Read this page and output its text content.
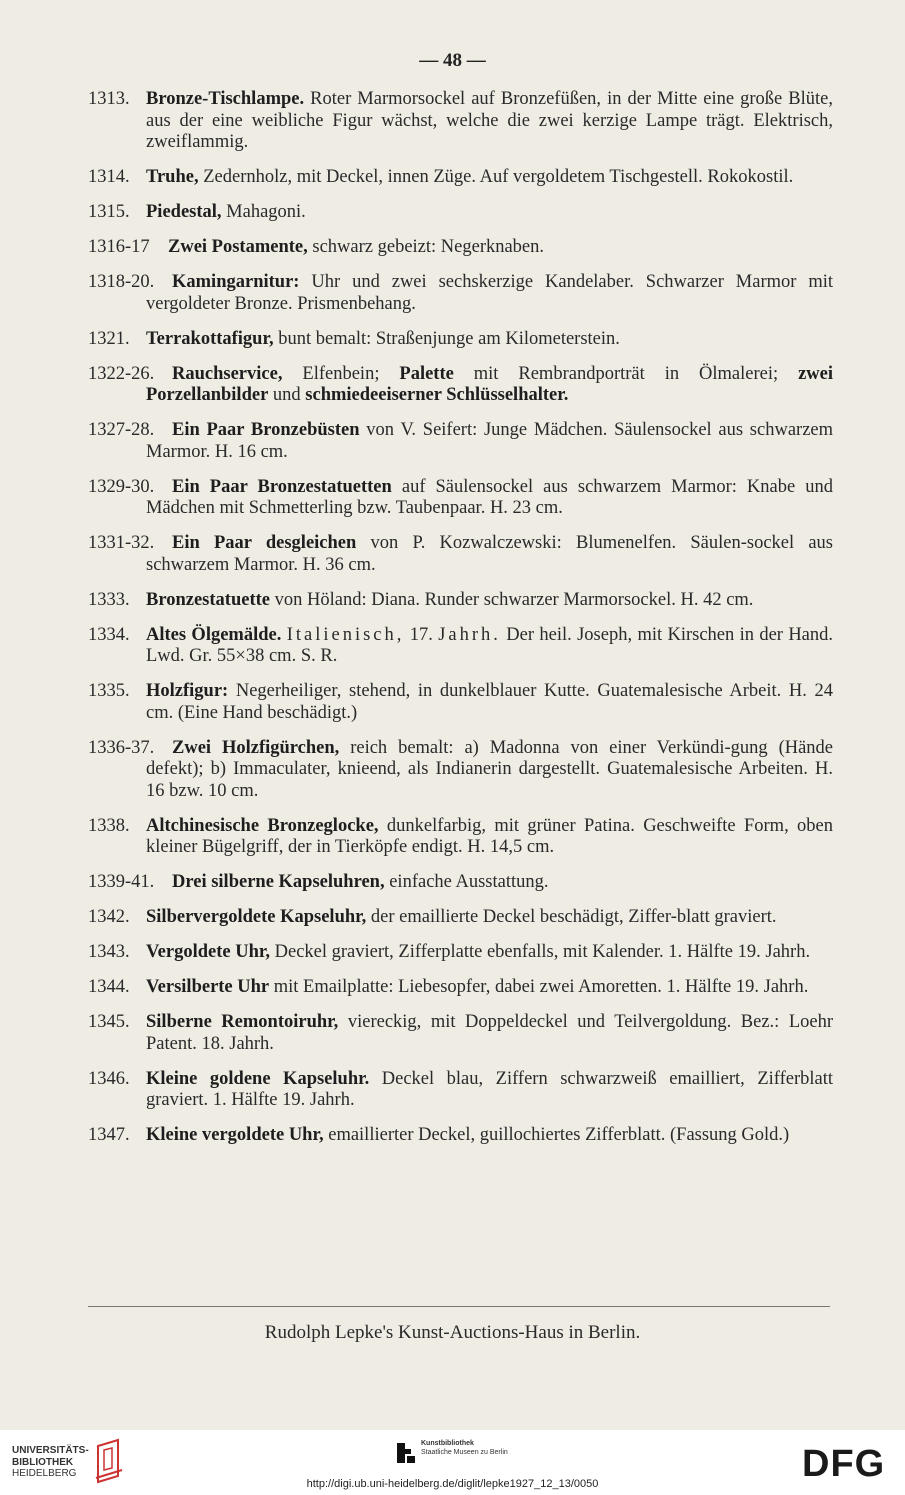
— 48 —
1313. Bronze-Tischlampe. Roter Marmorsockel auf Bronzefüßen, in der Mitte eine große Blüte, aus der eine weibliche Figur wächst, welche die zwei kerzige Lampe trägt. Elektrisch, zweiflammig.
1314. Truhe, Zedernholz, mit Deckel, innen Züge. Auf vergoldetem Tischgestell. Rokokostil.
1315. Piedestal, Mahagoni.
1316-17 Zwei Postamente, schwarz gebeizt: Negerknaben.
1318-20. Kamingarnitur: Uhr und zwei sechskerzige Kandelaber. Schwarzer Marmor mit vergoldeter Bronze. Prismenbehang.
1321. Terrakottafigur, bunt bemalt: Straßenjunge am Kilometerstein.
1322-26. Rauchservice, Elfenbein; Palette mit Rembrandporträt in Ölmalerei; zwei Porzellanbilder und schmiedeeiserner Schlüsselhalter.
1327-28. Ein Paar Bronzebüsten von V. Seifert: Junge Mädchen. Säulensockel aus schwarzem Marmor. H. 16 cm.
1329-30. Ein Paar Bronzestatuetten auf Säulensockel aus schwarzem Marmor: Knabe und Mädchen mit Schmetterling bzw. Taubenpaar. H. 23 cm.
1331-32. Ein Paar desgleichen von P. Kozwalczewski: Blumenelfen. Säulen-sockel aus schwarzem Marmor. H. 36 cm.
1333. Bronzestatuette von Höland: Diana. Runder schwarzer Marmorsockel. H. 42 cm.
1334. Altes Ölgemälde. Italienisch, 17. Jahrh. Der heil. Joseph, mit Kirschen in der Hand. Lwd. Gr. 55×38 cm. S. R.
1335. Holzfigur: Negerheiliger, stehend, in dunkelblauer Kutte. Guatemalesische Arbeit. H. 24 cm. (Eine Hand beschädigt.)
1336-37. Zwei Holzfigürchen, reich bemalt: a) Madonna von einer Verkündi-gung (Hände defekt); b) Immaculater, knieend, als Indianerin dargestellt. Guatemalesische Arbeiten. H. 16 bzw. 10 cm.
1338. Altchinesische Bronzeglocke, dunkelfarbig, mit grüner Patina. Geschweifte Form, oben kleiner Bügelgriff, der in Tierköpfe endigt. H. 14,5 cm.
1339-41. Drei silberne Kapseluhren, einfache Ausstattung.
1342. Silbervergoldete Kapseluhr, der emaillierte Deckel beschädigt, Ziffer-blatt graviert.
1343. Vergoldete Uhr, Deckel graviert, Zifferplatte ebenfalls, mit Kalender. 1. Hälfte 19. Jahrh.
1344. Versilberte Uhr mit Emailplatte: Liebesopfer, dabei zwei Amoretten. 1. Hälfte 19. Jahrh.
1345. Silberne Remontoiruhr, viereckig, mit Doppeldeckel und Teilvergoldung. Bez.: Loehr Patent. 18. Jahrh.
1346. Kleine goldene Kapseluhr. Deckel blau, Ziffern schwarzweiß emailliert, Zifferblatt graviert. 1. Hälfte 19. Jahrh.
1347. Kleine vergoldete Uhr, emaillierter Deckel, guillochiertes Zifferblatt. (Fassung Gold.)
Rudolph Lepke's Kunst-Auctions-Haus in Berlin.
UNIVERSITÄTS-
BIBLIOTHEK
HEIDELBERG
Kunstbibliothek
Staatliche Museen zu Berlin	DFG
http://digi.ub.uni-heidelberg.de/diglit/lepke1927_12_13/0050
